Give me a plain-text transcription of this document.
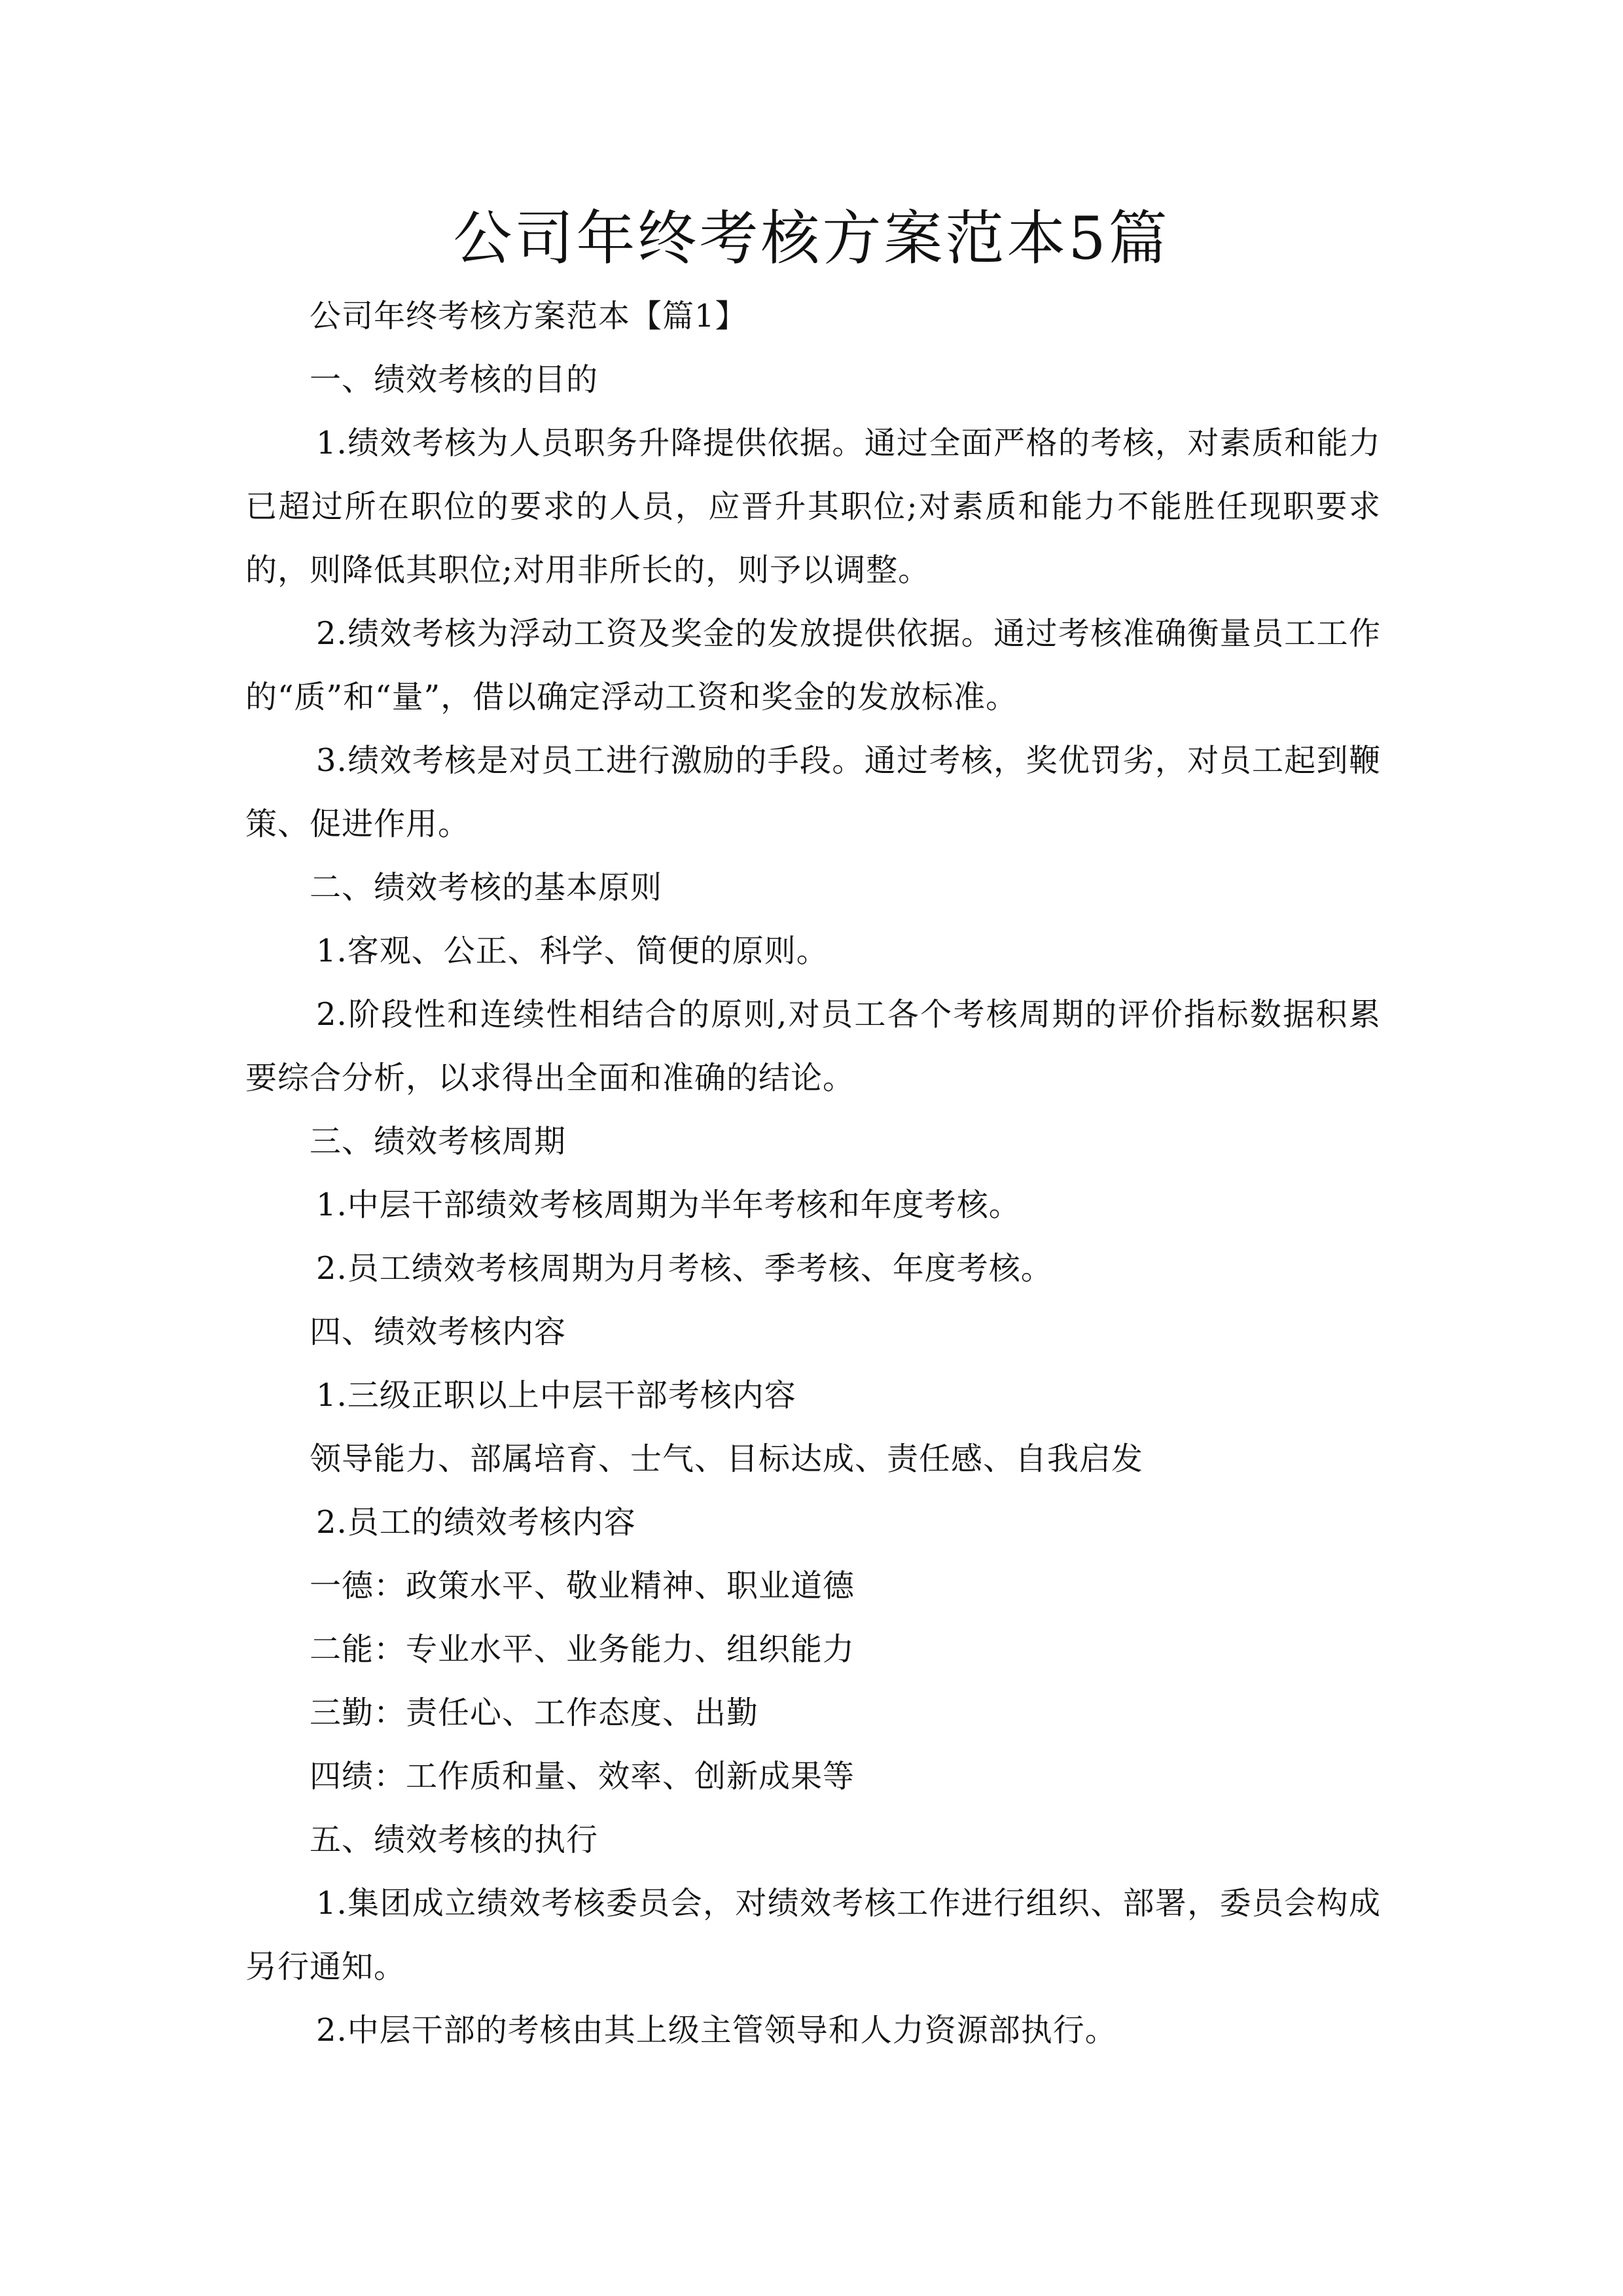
公司年终考核方案范本5篇

公司年终考核方案范本【篇1】

一、绩效考核的目的

1.绩效考核为人员职务升降提供依据。通过全面严格的考核，对素质和能力已超过所在职位的要求的人员，应晋升其职位;对素质和能力不能胜任现职要求的，则降低其职位;对用非所长的，则予以调整。

2.绩效考核为浮动工资及奖金的发放提供依据。通过考核准确衡量员工工作的“质”和“量”，借以确定浮动工资和奖金的发放标准。

3.绩效考核是对员工进行激励的手段。通过考核，奖优罚劣，对员工起到鞭策、促进作用。

二、绩效考核的基本原则

1.客观、公正、科学、简便的原则。

2.阶段性和连续性相结合的原则,对员工各个考核周期的评价指标数据积累要综合分析，以求得出全面和准确的结论。

三、绩效考核周期

1.中层干部绩效考核周期为半年考核和年度考核。

2.员工绩效考核周期为月考核、季考核、年度考核。

四、绩效考核内容

1.三级正职以上中层干部考核内容

领导能力、部属培育、士气、目标达成、责任感、自我启发

2.员工的绩效考核内容

一德：政策水平、敬业精神、职业道德

二能：专业水平、业务能力、组织能力

三勤：责任心、工作态度、出勤

四绩：工作质和量、效率、创新成果等

五、绩效考核的执行

1.集团成立绩效考核委员会，对绩效考核工作进行组织、部署，委员会构成另行通知。

2.中层干部的考核由其上级主管领导和人力资源部执行。
